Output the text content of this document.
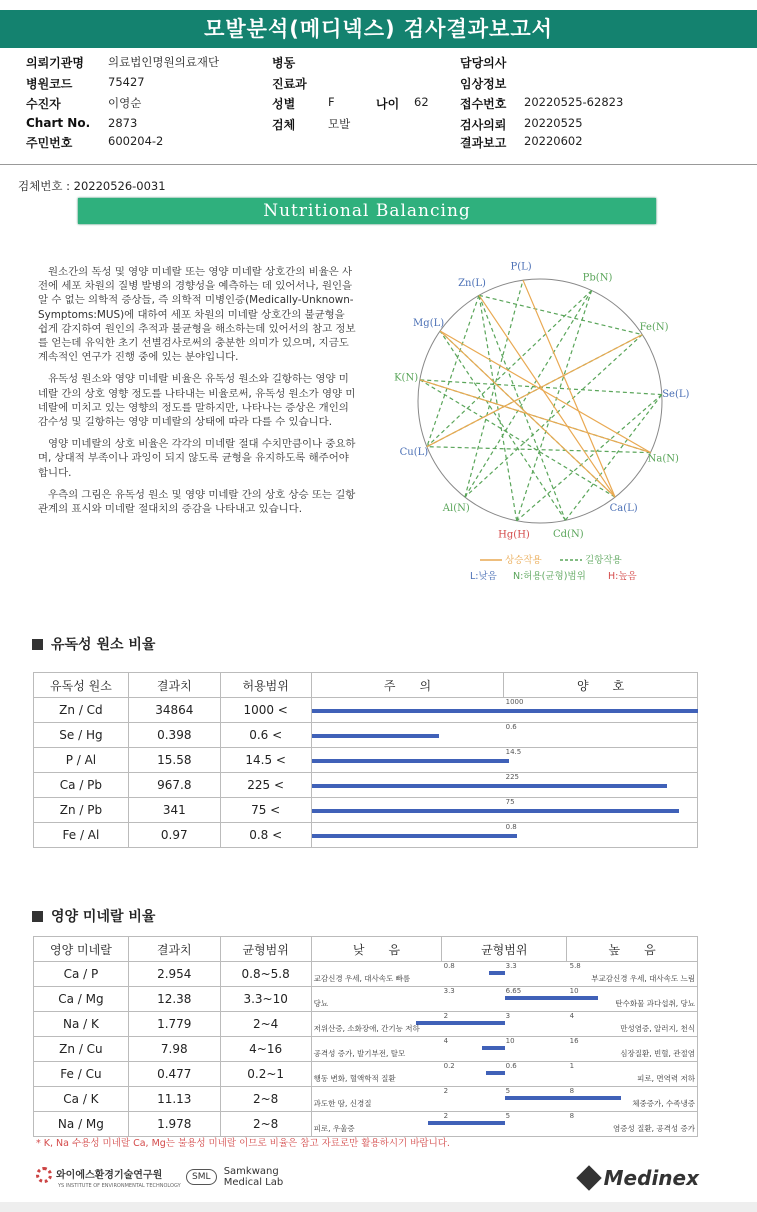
모발분석(메디넥스) 검사결과보고서
의뢰기관명 의료법인명원의료재단	병동	담당의사
병원코드	75427	진료과	임상정보
수진자	이영순	성별	F	나이 62	접수번호 20220525-62823
Chart No. 2873	검체	모발	검사의뢰 20220525
주민번호	600204-2	결과보고 20220602
검체번호 : 20220526-0031
Nutritional Balancing

원소간의 독성 및 영양 미네랄 또는 영양 미네랄 상호간의 비율은 사전에 세포 차원의 질병 발병의 경향성을 예측하는 데 있어서나, 원인을 알 수 없는 의학적 증상들, 즉 의학적 미병인증(Medically-Unknown-Symptoms:MUS)에 대하여 세포 차원의 미네랄 상호간의 불균형을 쉽게 감지하여 원인의 추적과 불균형을 해소하는데 있어서의 참고 정보를 얻는데 유익한 초기 선별검사로써의 충분한 의미가 있으며, 지금도 계속적인 연구가 진행 중에 있는 분야입니다.

유독성 원소와 영양 미네랄 비율은 유독성 원소와 길항하는 영양 미네랄 간의 상호 영향 정도를 나타내는 비율로써, 유독성 원소가 영양 미네랄에 미치고 있는 영향의 정도를 말하지만, 나타나는 증상은 개인의 감수성 및 길항하는 영양 미네랄의 상태에 따라 다를 수 있습니다.

영양 미네랄의 상호 비율은 각각의 미네랄 절대 수치만큼이나 중요하며, 상대적 부족이나 과잉이 되지 않도록 균형을 유지하도록 해주어야 합니다.

우측의 그림은 유독성 원소 및 영양 미네랄 간의 상호 상승 또는 길항 관계의 표시와 미네랄 절대치의 증감을 나타내고 있습니다.

P(L)
Pb(N)
Fe(N)
Se(L)
Na(N)
Ca(L)
Cd(N)
Hg(H)
Al(N)
Cu(L)
K(N)
Mg(L)
Zn(L)
상승작용	길항작용
L:낮음 N:허용(균형)범위 H:높음
유독성 원소 비율
유독성 원소	결과치	허용범위	주　　의	양　　호
Zn / Cd	34864	1000 <	1000	

Se / Hg	0.398	0.6 <	0.6	

P / Al	15.58	14.5 <	14.5	

Ca / Pb	967.8	225 <	225	

Zn / Pb	341	75 <	75	

Fe / Al	0.97	0.8 <	0.8	
영양 미네랄 비율
영양 미네랄	결과치	균형범위	낮　　음	균형범위	높　　음
Ca / P	2.954	0.8~5.8	0.8 3.3 5.8
교감신경 우세, 대사속도 빠름 부교감신경 우세, 대사속도 느림		

Ca / Mg	12.38	3.3~10	3.3 6.65 10
당뇨 탄수화물 과다섭취, 당뇨		

Na / K	1.779	2~4	2 3 4
저위산증, 소화장애, 간기능 저하 만성염증, 알러지, 천식		

Zn / Cu	7.98	4~16	4 10 16
공격성 증가, 발기부전, 탈모 심장질환, 빈혈, 관절염		

Fe / Cu	0.477	0.2~1	0.2 0.6 1
행동 변화, 혈액학적 질환 피로, 면역력 저하		

Ca / K	11.13	2~8	2 5 8
과도한 땀, 신경질 체중증가, 수족냉증		

Na / Mg	1.978	2~8	2 5 8
피로, 우울증 염증성 질환, 공격성 증가		
* K, Na 수용성 미네랄 Ca, Mg는 불용성 미네랄 이므로 비율은 참고 자료로만 활용하시기 바랍니다.
와이에스환경기술연구원
YS INSTITUTE OF ENVIRONMENTAL TECHNOLOGY
SML Samkwang
Medical Lab	Medinex
